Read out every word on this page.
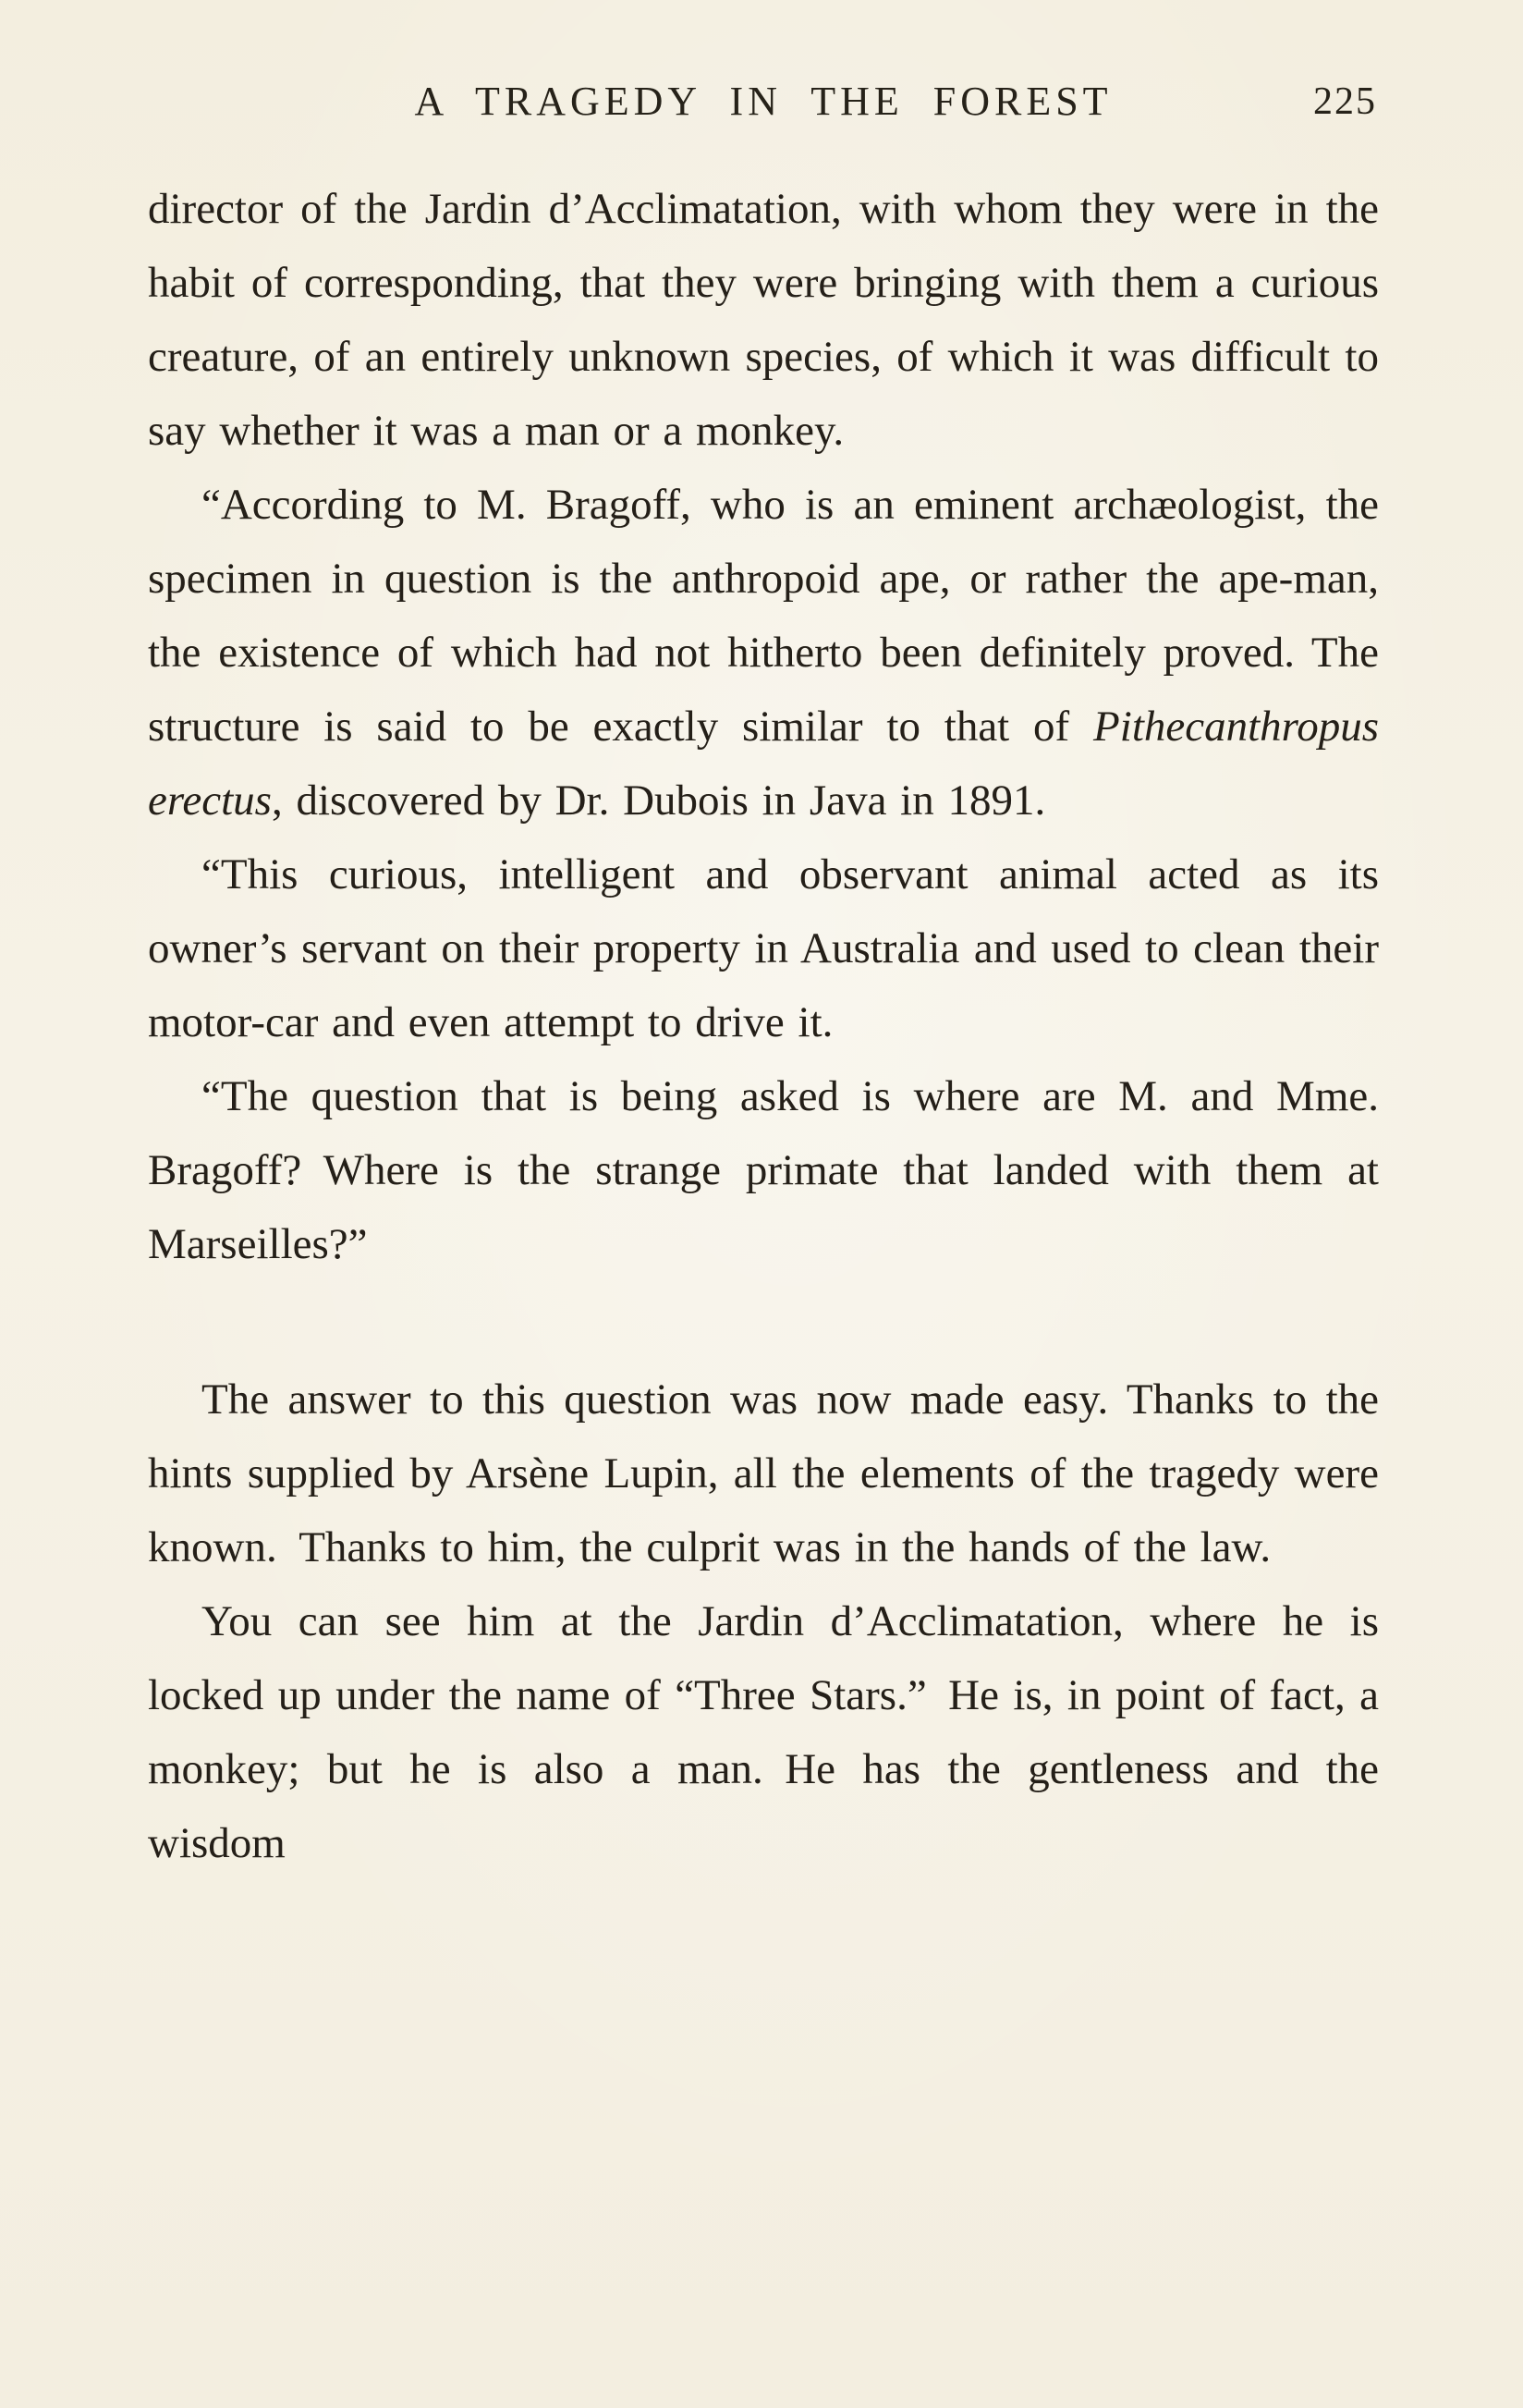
A TRAGEDY IN THE FOREST	225

director of the Jardin d’Acclimatation, with whom they were in the habit of corresponding, that they were bringing with them a curious creature, of an entirely unknown species, of which it was difficult to say whether it was a man or a monkey.

“According to M. Bragoff, who is an eminent archæologist, the specimen in question is the anthropoid ape, or rather the ape-man, the existence of which had not hitherto been definitely proved. The structure is said to be exactly similar to that of Pithecanthropus erectus, discovered by Dr. Dubois in Java in 1891.

“This curious, intelligent and observant animal acted as its owner’s servant on their property in Australia and used to clean their motor-car and even attempt to drive it.

“The question that is being asked is where are M. and Mme. Bragoff? Where is the strange primate that landed with them at Marseilles?”

The answer to this question was now made easy. Thanks to the hints supplied by Arsène Lupin, all the elements of the tragedy were known. Thanks to him, the culprit was in the hands of the law.

You can see him at the Jardin d’Acclimatation, where he is locked up under the name of “Three Stars.” He is, in point of fact, a monkey; but he is also a man. He has the gentleness and the wisdom
